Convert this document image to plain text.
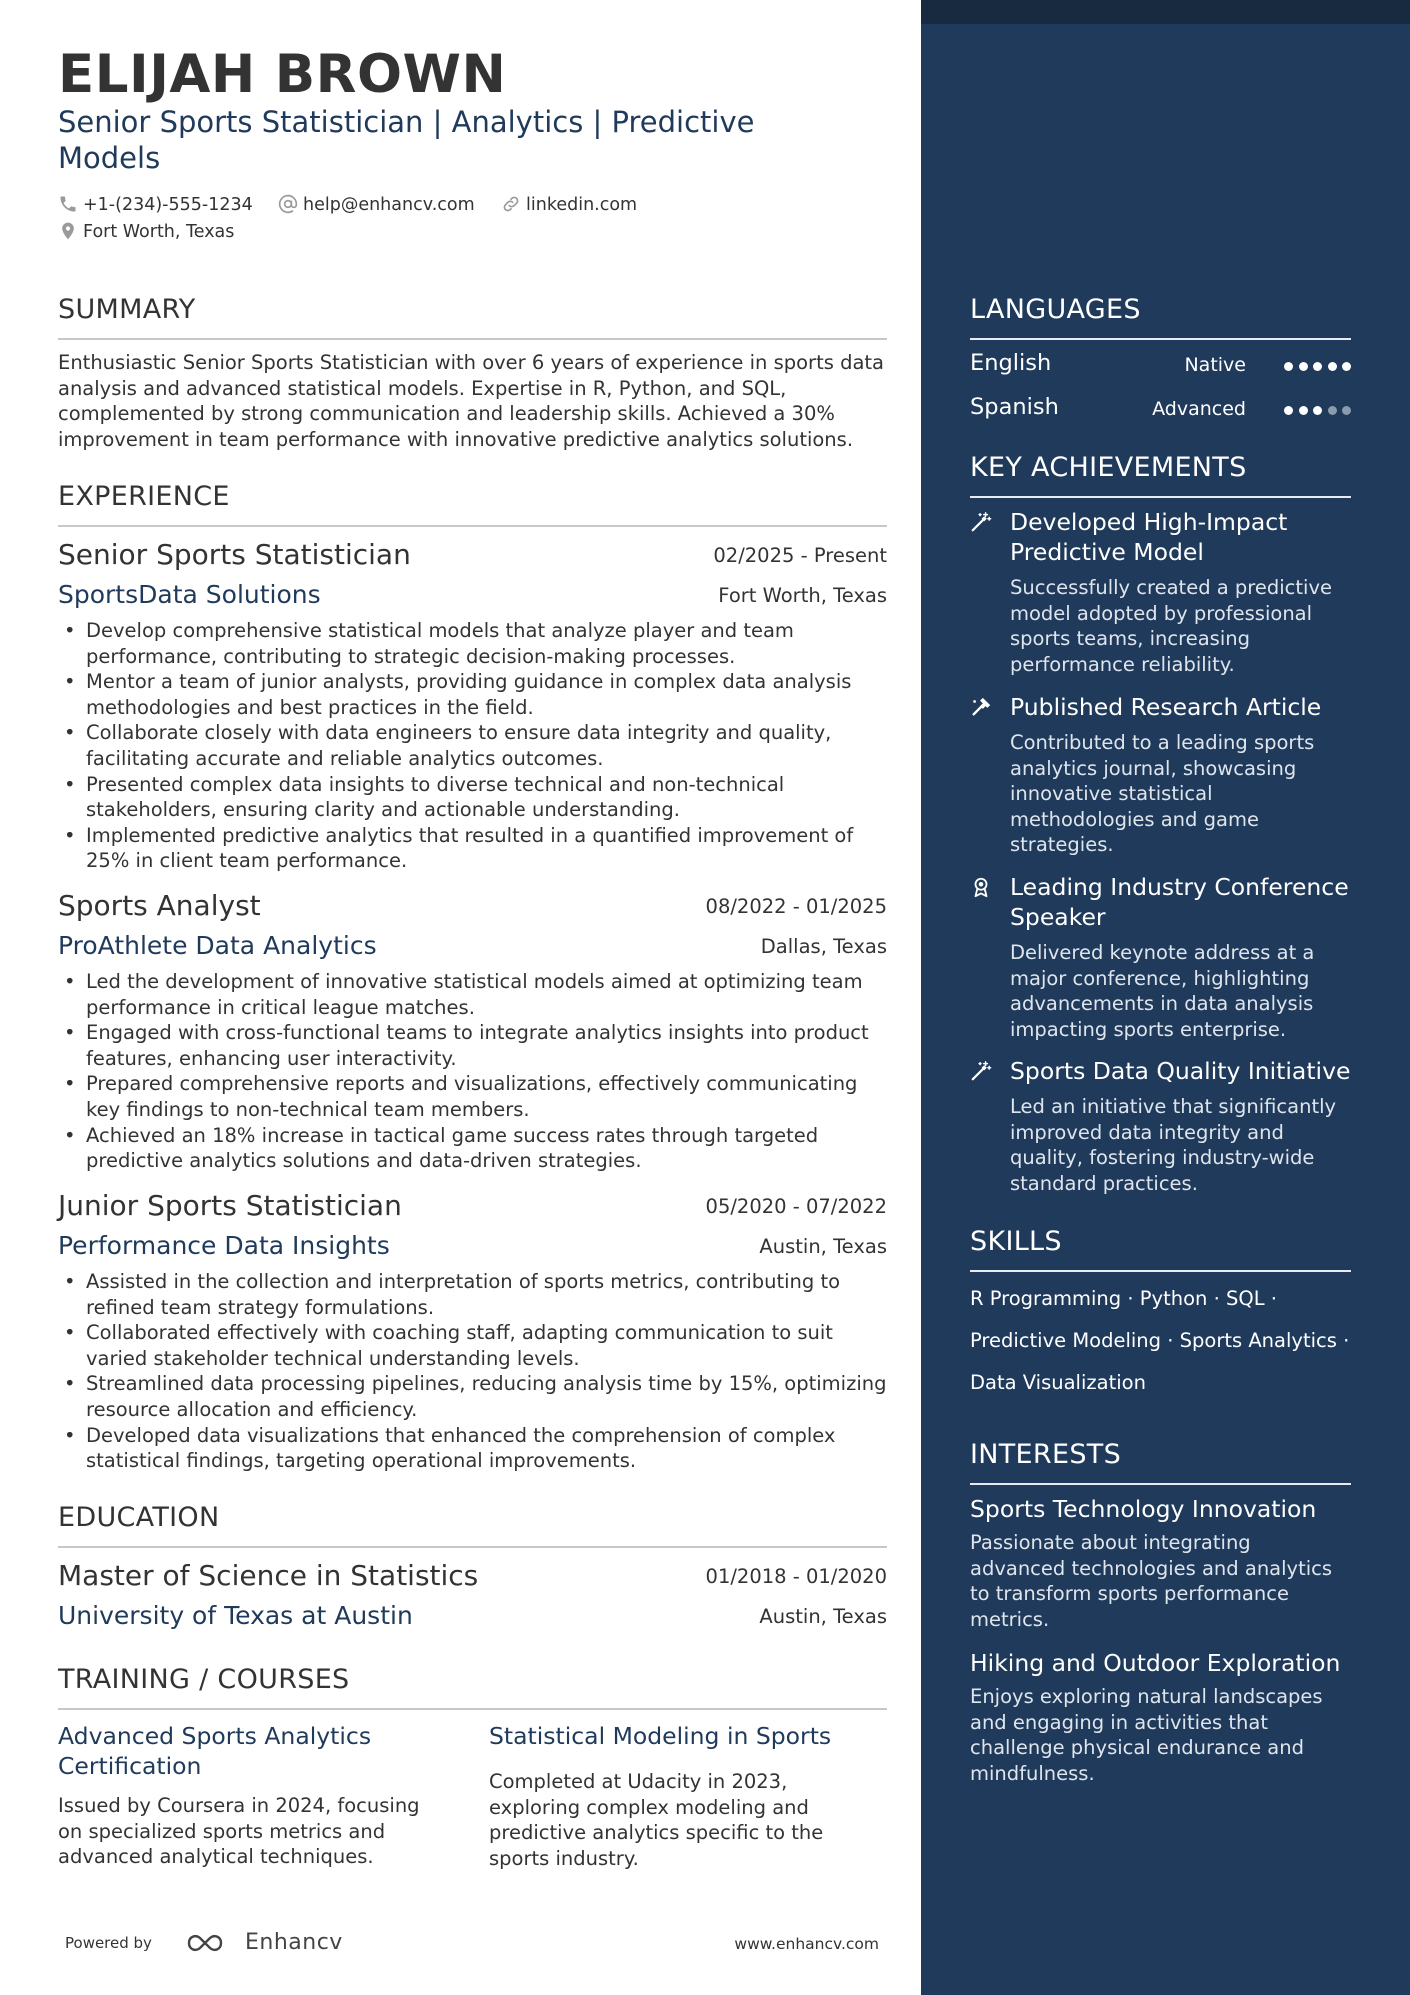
ELIJAH BROWN
Senior Sports Statistician | Analytics | Predictive Models
+1-(234)-555-1234	help@enhancv.com	linkedin.com
Fort Worth, Texas
SUMMARY
Enthusiastic Senior Sports Statistician with over 6 years of experience in sports data analysis and advanced statistical models. Expertise in R, Python, and SQL, complemented by strong communication and leadership skills. Achieved a 30% improvement in team performance with innovative predictive analytics solutions.
EXPERIENCE
Senior Sports Statistician	02/2025 - Present
SportsData Solutions	Fort Worth, Texas
• Develop comprehensive statistical models that analyze player and team performance, contributing to strategic decision-making processes.
• Mentor a team of junior analysts, providing guidance in complex data analysis methodologies and best practices in the field.
• Collaborate closely with data engineers to ensure data integrity and quality, facilitating accurate and reliable analytics outcomes.
• Presented complex data insights to diverse technical and non-technical stakeholders, ensuring clarity and actionable understanding.
• Implemented predictive analytics that resulted in a quantified improvement of 25% in client team performance.
Sports Analyst	08/2022 - 01/2025
ProAthlete Data Analytics	Dallas, Texas
• Led the development of innovative statistical models aimed at optimizing team performance in critical league matches.
• Engaged with cross-functional teams to integrate analytics insights into product features, enhancing user interactivity.
• Prepared comprehensive reports and visualizations, effectively communicating key findings to non-technical team members.
• Achieved an 18% increase in tactical game success rates through targeted predictive analytics solutions and data-driven strategies.
Junior Sports Statistician	05/2020 - 07/2022
Performance Data Insights	Austin, Texas
• Assisted in the collection and interpretation of sports metrics, contributing to refined team strategy formulations.
• Collaborated effectively with coaching staff, adapting communication to suit varied stakeholder technical understanding levels.
• Streamlined data processing pipelines, reducing analysis time by 15%, optimizing resource allocation and efficiency.
• Developed data visualizations that enhanced the comprehension of complex statistical findings, targeting operational improvements.
EDUCATION
Master of Science in Statistics	01/2018 - 01/2020
University of Texas at Austin	Austin, Texas
TRAINING / COURSES
Advanced Sports Analytics Certification
Issued by Coursera in 2024, focusing on specialized sports metrics and advanced analytical techniques.
Statistical Modeling in Sports
Completed at Udacity in 2023, exploring complex modeling and predictive analytics specific to the sports industry.
Powered by	Enhancv	www.enhancv.com
LANGUAGES
English	Native
Spanish	Advanced
KEY ACHIEVEMENTS
Developed High-Impact Predictive Model
Successfully created a predictive model adopted by professional sports teams, increasing performance reliability.
Published Research Article
Contributed to a leading sports analytics journal, showcasing innovative statistical methodologies and game strategies.
Leading Industry Conference Speaker
Delivered keynote address at a major conference, highlighting advancements in data analysis impacting sports enterprise.
Sports Data Quality Initiative
Led an initiative that significantly improved data integrity and quality, fostering industry-wide standard practices.
SKILLS
R Programming · Python · SQL ·
Predictive Modeling · Sports Analytics ·
Data Visualization
INTERESTS
Sports Technology Innovation
Passionate about integrating advanced technologies and analytics to transform sports performance metrics.
Hiking and Outdoor Exploration
Enjoys exploring natural landscapes and engaging in activities that challenge physical endurance and mindfulness.
